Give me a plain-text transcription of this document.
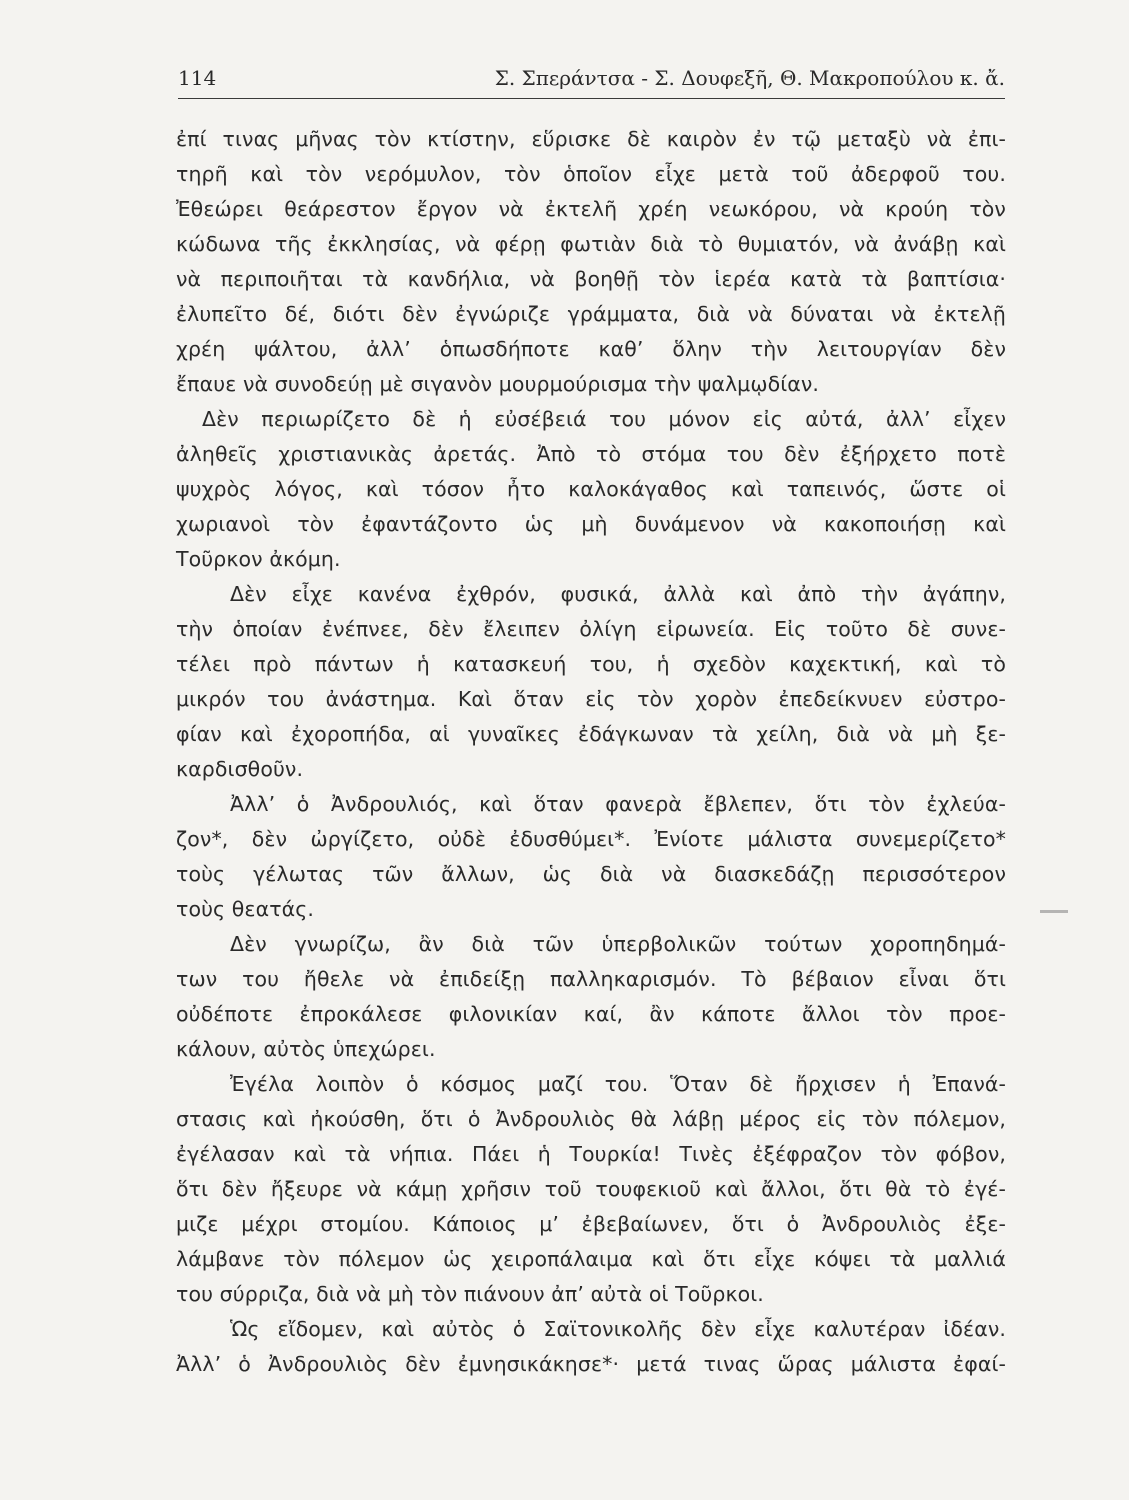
114	Σ. Σπεράντσα - Σ. Δουφεξῆ, Θ. Μακροπούλου κ. ἄ.
ἐπί τινας μῆνας τὸν κτίστην, εὕρισκε δὲ καιρὸν ἐν τῷ μεταξὺ νὰ ἐπι-
τηρῆ καὶ τὸν νερόμυλον, τὸν ὁποῖον εἶχε μετὰ τοῦ ἀδερφοῦ του.
Ἐθεώρει θεάρεστον ἔργον νὰ ἐκτελῆ χρέη νεωκόρου, νὰ κρούη τὸν
κώδωνα τῆς ἐκκλησίας, νὰ φέρῃ φωτιὰν διὰ τὸ θυμιατόν, νὰ ἀνάβῃ καὶ
νὰ περιποιῆται τὰ κανδήλια, νὰ βοηθῇ τὸν ἱερέα κατὰ τὰ βαπτίσια·
ἐλυπεῖτο δέ, διότι δὲν ἐγνώριζε γράμματα, διὰ νὰ δύναται νὰ ἐκτελῇ
χρέη ψάλτου, ἀλλ’ ὁπωσδήποτε καθ’ ὅλην τὴν λειτουργίαν δὲν
ἔπαυε νὰ συνοδεύῃ μὲ σιγανὸν μουρμούρισμα τὴν ψαλμῳδίαν.
Δὲν περιωρίζετο δὲ ἡ εὐσέβειά του μόνον εἰς αὐτά, ἀλλ’ εἶχεν
ἀληθεῖς χριστιανικὰς ἀρετάς. Ἀπὸ τὸ στόμα του δὲν ἐξήρχετο ποτὲ
ψυχρὸς λόγος, καὶ τόσον ἦτο καλοκάγαθος καὶ ταπεινός, ὥστε οἱ
χωριανοὶ τὸν ἐφαντάζοντο ὡς μὴ δυνάμενον νὰ κακοποιήσῃ καὶ
Τοῦρκον ἀκόμη.
Δὲν εἶχε κανένα ἐχθρόν, φυσικά, ἀλλὰ καὶ ἀπὸ τὴν ἀγάπην,
τὴν ὁποίαν ἐνέπνεε, δὲν ἔλειπεν ὀλίγη εἰρωνεία. Εἰς τοῦτο δὲ συνε-
τέλει πρὸ πάντων ἡ κατασκευή του, ἡ σχεδὸν καχεκτική, καὶ τὸ
μικρόν του ἀνάστημα. Καὶ ὅταν εἰς τὸν χορὸν ἐπεδείκνυεν εὐστρο-
φίαν καὶ ἐχοροπήδα, αἱ γυναῖκες ἐδάγκωναν τὰ χείλη, διὰ νὰ μὴ ξε-
καρδισθοῦν.
Ἀλλ’ ὁ Ἀνδρουλιός, καὶ ὅταν φανερὰ ἔβλεπεν, ὅτι τὸν ἐχλεύα-
ζον*, δὲν ὠργίζετο, οὐδὲ ἐδυσθύμει*. Ἐνίοτε μάλιστα συνεμερίζετο*
τοὺς γέλωτας τῶν ἄλλων, ὡς διὰ νὰ διασκεδάζῃ περισσότερον
τοὺς θεατάς.
Δὲν γνωρίζω, ἂν διὰ τῶν ὑπερβολικῶν τούτων χοροπηδημά-
των του ἤθελε νὰ ἐπιδείξῃ παλληκαρισμόν. Τὸ βέβαιον εἶναι ὅτι
οὐδέποτε ἐπροκάλεσε φιλονικίαν καί, ἂν κάποτε ἄλλοι τὸν προε-
κάλουν, αὐτὸς ὑπεχώρει.
Ἐγέλα λοιπὸν ὁ κόσμος μαζί του. Ὅταν δὲ ἤρχισεν ἡ Ἐπανά-
στασις καὶ ἠκούσθη, ὅτι ὁ Ἀνδρουλιὸς θὰ λάβῃ μέρος εἰς τὸν πόλεμον,
ἐγέλασαν καὶ τὰ νήπια. Πάει ἡ Τουρκία! Τινὲς ἐξέφραζον τὸν φόβον,
ὅτι δὲν ἤξευρε νὰ κάμῃ χρῆσιν τοῦ τουφεκιοῦ καὶ ἄλλοι, ὅτι θὰ τὸ ἐγέ-
μιζε μέχρι στομίου. Κάποιος μ’ ἐβεβαίωνεν, ὅτι ὁ Ἀνδρουλιὸς ἐξε-
λάμβανε τὸν πόλεμον ὡς χειροπάλαιμα καὶ ὅτι εἶχε κόψει τὰ μαλλιά
του σύρριζα, διὰ νὰ μὴ τὸν πιάνουν ἀπ’ αὐτὰ οἱ Τοῦρκοι.
Ὡς εἴδομεν, καὶ αὐτὸς ὁ Σαϊτονικολῆς δὲν εἶχε καλυτέραν ἰδέαν.
Ἀλλ’ ὁ Ἀνδρουλιὸς δὲν ἐμνησικάκησε*· μετά τινας ὥρας μάλιστα ἐφαί-
